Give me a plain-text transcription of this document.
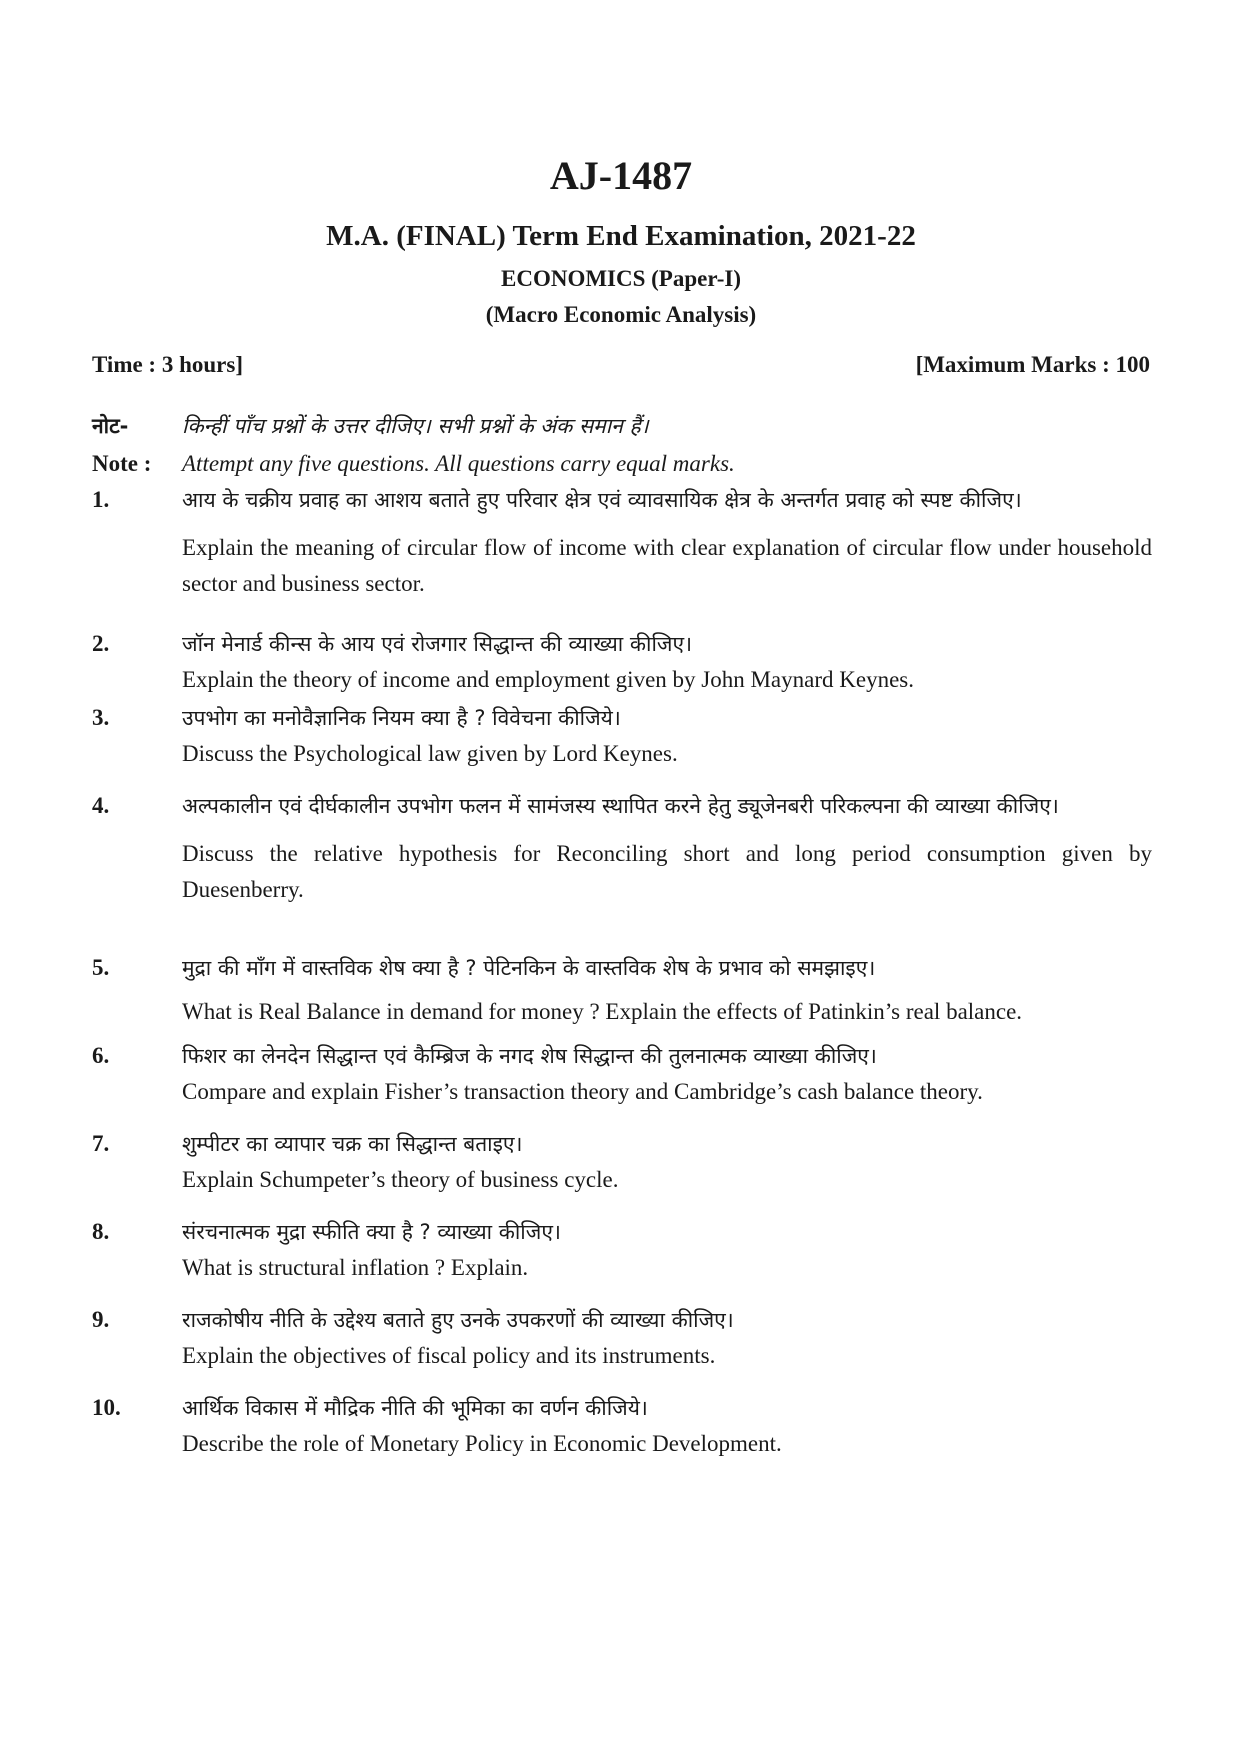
AJ-1487
M.A. (FINAL) Term End Examination, 2021-22
ECONOMICS (Paper-I)
(Macro Economic Analysis)
Time : 3 hours]	[Maximum Marks : 100
नोट-	किन्हीं पाँच प्रश्नों के उत्तर दीजिए। सभी प्रश्नों के अंक समान हैं।
Note : Attempt any five questions. All questions carry equal marks.
1.	आय के चक्रीय प्रवाह का आशय बताते हुए परिवार क्षेत्र एवं व्यावसायिक क्षेत्र के अन्तर्गत प्रवाह को स्पष्ट कीजिए।
Explain the meaning of circular flow of income with clear explanation of circular flow under household sector and business sector.
2.	जॉन मेनार्ड कीन्स के आय एवं रोजगार सिद्धान्त की व्याख्या कीजिए।
Explain the theory of income and employment given by John Maynard Keynes.
3.	उपभोग का मनोवैज्ञानिक नियम क्या है ? विवेचना कीजिये।
Discuss the Psychological law given by Lord Keynes.
4.	अल्पकालीन एवं दीर्घकालीन उपभोग फलन में सामंजस्य स्थापित करने हेतु ड्यूजेनबरी परिकल्पना की व्याख्या कीजिए।
Discuss the relative hypothesis for Reconciling short and long period consumption given by Duesenberry.
5.	मुद्रा की माँग में वास्तविक शेष क्या है ? पेटिनकिन के वास्तविक शेष के प्रभाव को समझाइए।
What is Real Balance in demand for money ? Explain the effects of Patinkin’s real balance.
6.	फिशर का लेनदेन सिद्धान्त एवं कैम्ब्रिज के नगद शेष सिद्धान्त की तुलनात्मक व्याख्या कीजिए।
Compare and explain Fisher’s transaction theory and Cambridge’s cash balance theory.
7.	शुम्पीटर का व्यापार चक्र का सिद्धान्त बताइए।
Explain Schumpeter’s theory of business cycle.
8.	संरचनात्मक मुद्रा स्फीति क्या है ? व्याख्या कीजिए।
What is structural inflation ? Explain.
9.	राजकोषीय नीति के उद्देश्य बताते हुए उनके उपकरणों की व्याख्या कीजिए।
Explain the objectives of fiscal policy and its instruments.
10.	आर्थिक विकास में मौद्रिक नीति की भूमिका का वर्णन कीजिये।
Describe the role of Monetary Policy in Economic Development.
